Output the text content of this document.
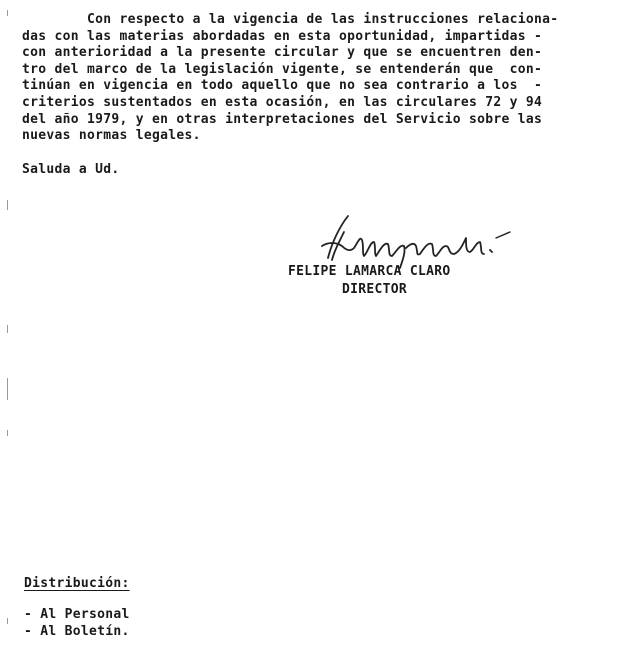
Con respecto a la vigencia de las instrucciones relaciona-
das con las materias abordadas en esta oportunidad, impartidas -
con anterioridad a la presente circular y que se encuentren den-
tro del marco de la legislación vigente, se entenderán que  con-
tinúan en vigencia en todo aquello que no sea contrario a los  -
criterios sustentados en esta ocasión, en las circulares 72 y 94
del año 1979, y en otras interpretaciones del Servicio sobre las
nuevas normas legales.
Saluda a Ud.
FELIPE LAMARCA CLARO
DIRECTOR
Distribución:
- Al Personal
- Al Boletín.
